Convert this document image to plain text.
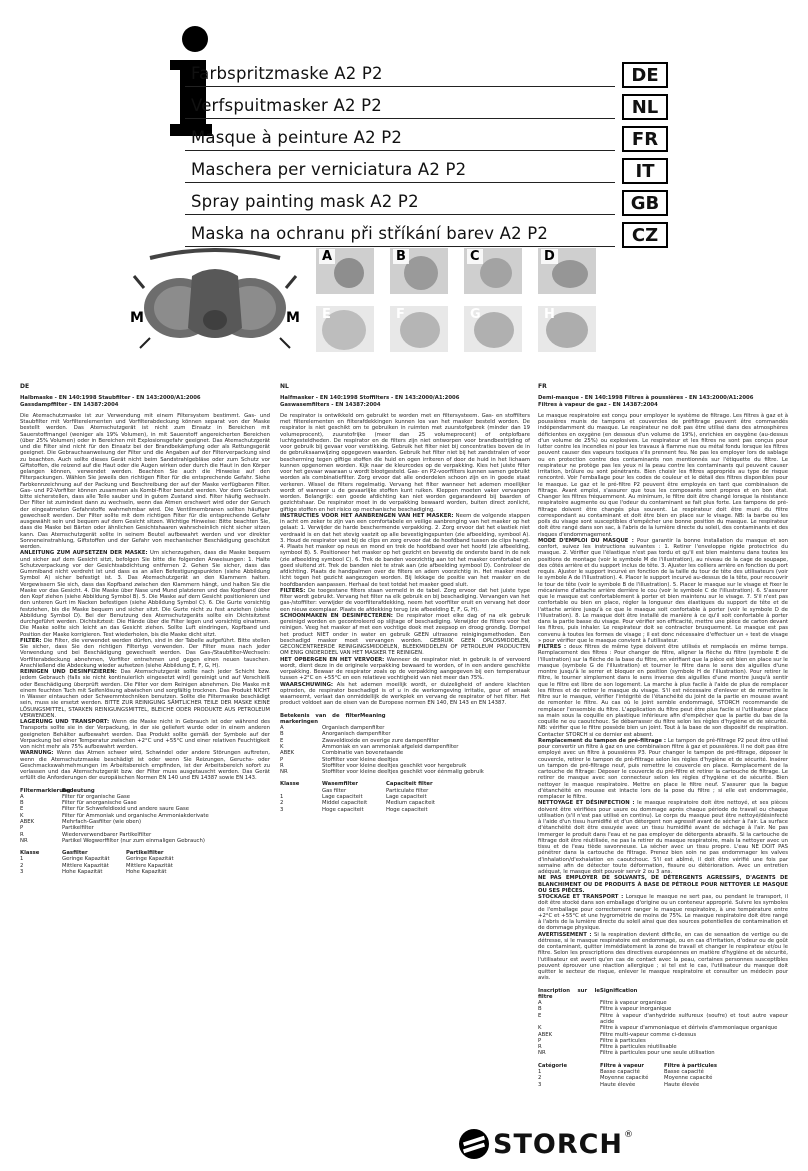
Farbspritzmaske A2 P2
Verfspuitmasker A2 P2
Masque à peinture A2 P2
Maschera per verniciatura A2 P2
Spray painting mask A2 P2
Maska na ochranu při stříkání barev A2 P2
DE
NL
FR
IT
GB
CZ
M	M
A	B	C	D
E	F	G	H
DE
Halbmaske - EN 140:1998 Staubfilter - EN 143:2000/A1:2006
Gassdampffilter - EN 14387:2004

Die Atemschutzmaske ist zur Verwendung mit einem Filtersystem bestimmt. Gas- und Staubfilter mit Vorfilterelementen und Vorfilterabdeckung können separat von der Maske bestellt werden. Das Atemschutzgerät ist nicht zum Einsatz in Bereichen mit Sauerstoffmangel (weniger als 19% Volumen), in mit Sauerstoff angereicherten Bereichen (über 25% Volumen) oder in Bereichen mit Explosionsgefahr geeignet. Das Atemschutzgerät und die Filter sind nicht für den Einsatz bei der Brandbekämpfung oder als Rettungsgerät geeignet. Die Gebrauchsanweisung der Filter und die Angaben auf der Filterverpackung sind zu beachten. Auch sollte dieses Gerät nicht beim Sandstrahlgebläse oder zum Schutz vor Giftstoffen, die reizend auf die Haut oder die Augen wirken oder durch die Haut in den Körper gelangen können, verwendet werden. Beachten Sie auch die Hinweise auf den Filterpackungen. Wählen Sie jeweils den richtigen Filter für die entsprechende Gefahr. Siehe Farbkennzeichnung auf der Packung und Beschreibung der auf der Maske verfügbaren Filter. Gas- und P2-Vorfilter können zusammen als Kombi-Filter benutzt werden. Vor dem Gebrauch bitte sicherstellen, dass alle Teile sauber und in gutem Zustand sind. Filter häufig wechseln. Der Filter ist zumindest dann zu wechseln, wenn das Atmen erschwert wird oder der Geruch der eingeatmeten Gefahrstoffe wahrnehmbar wird. Die Ventilmembranen sollten häufiger gewechselt werden. Der Filter sollte mit dem richtigen Filter für die entsprechende Gefahr ausgewählt sein und bequem auf dem Gesicht sitzen. Wichtige Hinweise: Bitte beachten Sie, dass die Maske bei Bärten oder ähnlichen Gesichtshaaren wahrscheinlich nicht sicher sitzen kann. Das Atemschutzgerät sollte in seinem Beutel aufbewahrt werden und vor direkter Sonneneinstrahlung, Giftstoffen und der Gefahr von mechanischer Beschädigung geschützt werden.

ANLEITUNG ZUM AUFSETZEN DER MASKE: Um sicherzugehen, dass die Maske bequem und sicher auf dem Gesicht sitzt, befolgen Sie bitte die folgenden Anweisungen: 1. Halte Schutzverpackung vor der Gesichtsabdichtung entfernen 2. Gehen Sie sicher, dass das Gummiband nicht verdreht ist und dass es an allen Befestigungspunkten (siehe Abbildung Symbol A) sicher befestigt ist. 3. Das Atemschutzgerät an den Klammern halten. Vergewissern Sie sich, dass das Kopfband zwischen den Klammern hängt, und halten Sie die Maske vor das Gesicht. 4. Die Maske über Nase und Mund platzieren und das Kopfband über den Kopf ziehen (siehe Abbildung Symbol B). 5. Die Maske auf dem Gesicht positionieren und den unteren Gurt im Nacken befestigen (siehe Abbildung Symbol C). 6. Die Gurte vorsichtig festziehen, bis die Maske bequem und sicher sitzt. Die Gurte nicht zu fest anziehen (siehe Abbildung Symbol D). Bei der Benutzung des Atemschutzgeräts sollte ein Dichtsitztest durchgeführt werden. Dichtsitztest: Die Hände über die Filter legen und vorsichtig einatmen. Die Maske sollte sich leicht an das Gesicht ziehen. Sollte Luft eindringen, Kopfband und Position der Maske korrigieren. Test wiederholen, bis die Maske dicht sitzt.

FILTER: Die Filter, die verwendet werden dürfen, sind in der Tabelle aufgeführt. Bitte stellen Sie sicher, dass Sie den richtigen Filtertyp verwenden. Der Filter muss nach jeder Verwendung und bei Beschädigung gewechselt werden. Das Gas-/Staubfilter-Wechseln: Vorfilterabdeckung abnehmen, Vorfilter entnehmen und gegen einen neuen tauschen. Anschließend die Abdeckung wieder aufsetzen (siehe Abbildung E, F, G, H).

REINIGEN UND DESINFIZIEREN: Das Atemschutzgerät sollte nach jeder Schicht bzw. jedem Gebrauch (falls sie nicht kontinuierlich eingesetzt wird) gereinigt und auf Verschleiß oder Beschädigung überprüft werden. Die Filter vor dem Reinigen abnehmen. Die Maske mit einem feuchten Tuch mit Seifenlösung abwischen und sorgfältig trocknen. Das Produkt NICHT in Wasser eintauchen oder Schwemmtechniken benutzen. Sollte die Filtermaske beschädigt sein, muss sie ersetzt werden. BITTE ZUR REINIGUNG SÄMTLICHER TEILE DER MASKE KEINE LÖSUNGSMITTEL, STARKEN REINIGUNGSMITTEL, BLEICHE ODER PRODUKTE AUS PETROLEUM VERWENDEN.

LAGERUNG UND TRANSPORT: Wenn die Maske nicht in Gebrauch ist oder während des Transports sollte sie in der Verpackung, in der sie geliefert wurde oder in einem anderen geeigneten Behälter aufbewahrt werden. Das Produkt sollte gemäß der Symbole auf der Verpackung bei einer Temperatur zwischen +2°C und +55°C und einer relativen Feuchtigkeit von nicht mehr als 75% aufbewahrt werden.

WARNUNG: Wenn das Atmen schwer wird, Schwindel oder andere Störungen auftreten, wenn die Atemschutzmaske beschädigt ist oder wenn Sie Reizungen, Geruchs- oder Geschmackswahrnehmungen im Arbeitsbereich empfinden, ist der Arbeitsbereich sofort zu verlassen und das Atemschutzgerät bzw. der Filter muss ausgetauscht werden. Das Gerät erfüllt die Anforderungen der europäischen Normen EN 140 und EN 14387 sowie EN 143.

Filtermarkierung
Bedeutung
A	Filter für organische Gase
B	Filter für anorganische Gase
E	Filter für Schwefeldioxid und andere saure Gase
K	Filter für Ammoniak und organische Ammoniakderivate
ABEK	Mehrfach-Gasfilter (wie oben)
P	Partikelfilter
R	Wiederverwendbarer Partikelfilter
NR	Partikel Wegwerffilter (nur zum einmaligen Gebrauch)
Klasse	Gasfilter	Partikelfilter
1	Geringe Kapazität	Geringe Kapazität
2	Mittlere Kapazität	Mittlere Kapazität
3	Hohe Kapazität	Hohe Kapazität
NL
Halfmasker - EN 140:1998 Stoffilters - EN 143:2000/A1:2006
Gaswasemfilters - EN 14387:2004

De respirator is ontwikkeld om gebruikt te worden met en filtersysteem. Gas- en stoffilters met filterelementen en filterafdekkingen kunnen los van het masker besteld worden. De respirator is niet geschikt om te gebruiken in ruimten met zuurstofgebrek (minder dan 19 volumeprocent), zuurstofrijke (meer dan 25 volumeprocent) of ontplofbare luchtgesteldheden. De respirator en de filters zijn niet ontworpen voor brandbestrijding of voor gebruik bij gevaar voor verstikking. Gebruik het filter niet bij concentraties boven de in de gebruiksaanwijzing opgegeven waarden. Gebruik het filter niet bij het zandstralen of voor bescherming tegen giftige stoffen die huid en ogen irriteren of door de huid in het lichaam kunnen opgenomen worden. Kijk naar de kleurcodes op de verpakking. Kies het juiste filter voor het gevaar waaraan u wordt blootgesteld. Gas- en P2-voorfilters kunnen samen gebruikt worden als combinatiefilter. Zorg ervoor dat alle onderdelen schoon zijn en in goede staat verkeren. Wissel de filters regelmatig. Vervang het filter wanneer het ademen moeilijker wordt of wanneer u de gevaarlijke stoffen kunt ruiken. Kleppen moeten vaker vervangen worden. Belangrijk: een goede afdichting kan niet worden gegarandeerd bij baarden of gezichtshaar. De respirator moet in de verpakking bewaard worden, buiten direct zonlicht, giftige stoffen en het risico op mechanische beschadiging.

INSTRUCTIES VOOR HET AANBRENGEN VAN HET MASKER: Neem de volgende stappen in acht om zeker te zijn van een comfortabele en veilige aanbrenging van het masker op het gelaat: 1. Verwijder de harde beschermende verpakking. 2. Zorg ervoor dat het elastiek niet verdraaid is en dat het stevig vastzit op alle bevestigingspunten (zie afbeelding, symbool A). 3. Houd de respirator vast bij de clips en zorg ervoor dat de hoofdband tussen de clips hangt. 4. Plaats het masker op neus en mond en trek de hoofdband over het hoofd (zie afbeelding, symbool B). 5. Positioneer het masker op het gezicht en bevestig de onderste band in de nek (zie afbeelding symbool C). 6. Trek de banden voorzichtig aan tot het masker comfortabel en goed sluitend zit. Trek de banden niet te strak aan (zie afbeelding symbool D). Controleer de afdichting. Plaats de handpalmen over de filters en adem voorzichtig in. Het masker moet licht tegen het gezicht aangezogen worden. Bij lekkage de positie van het masker en de hoofdbanden aanpassen. Herhaal de test totdat het masker goed sluit.

FILTERS: De toegestane filters staan vermeld in de tabel. Zorg ervoor dat het juiste type filter wordt gebruikt. Vervang het filter na elk gebruik en bij beschadiging. Vervangen van het gas-/stoffilter: verwijder de voorfilterafdekking, neem het voorfilter eruit en vervang het door een nieuw exemplaar. Plaats de afdekking terug (zie afbeelding E, F, G, H).

SCHOONMAKEN EN DESINFECTEREN: De respirator moet elke dag of na elk gebruik gereinigd worden en gecontroleerd op slijtage of beschadiging. Verwijder de filters voor het reinigen. Veeg het masker af met een vochtige doek met zeepsop en droog grondig. Dompel het product NIET onder in water en gebruik GEEN ultrasone reinigingsmethoden. Een beschadigd masker moet vervangen worden. GEBRUIK GEEN OPLOSMIDDELEN, GECONCENTREERDE REINIGINGSMIDDELEN, BLEEKMIDDELEN OF PETROLEUM PRODUCTEN OM ENIG ONDERDEEL VAN HET MASKER TE REINIGEN.

HET OPBERGEN EN HET VERVOER: Wanneer de respirator niet in gebruik is of vervoerd wordt, dient deze in de originele verpakking bewaard te worden, of in een andere geschikte verpakking. Bewaar de respirator zoals op de verpakking aangegeven bij een temperatuur tussen +2°C en +55°C en een relatieve vochtigheid van niet meer dan 75%.

WAARSCHUWING: Als het ademen moeilijk wordt, er duizeligheid of andere klachten optreden, de respirator beschadigd is of u in de werkomgeving irritatie, geur of smaak waarneemt, verlaat dan onmiddellijk de werkplek en vervang de respirator of het filter. Het product voldoet aan de eisen van de Europese normen EN 140, EN 143 en EN 14387.

Betekenis van de filter markeringen
Meaning
A	Organisch dampenfilter
B	Anorganisch dampenfilter
E	Zwaveldioxide en overige zure dampenfilter
K	Ammoniak en van ammoniak afgeleid dampenfilter
ABEK	Combinatie van bovenstaande
P	Stoffilter voor kleine deeltjes
R	Stoffilter voor kleine deeltjes geschikt voor hergebruik
NR	Stoffilter voor kleine deeltjes geschikt voor éénmalig gebruik
Klasse	Wasemfilter	Capaciteit filter
Gas filter	Particulate filter
1	Lage capaciteit	Lage capaciteit
2	Middel capaciteit	Medium capaciteit
3	Hoge capaciteit	Hoge capaciteit
FR
Demi-masque - EN 140:1998 Filtres à poussières - EN 143:2000/A1:2006
Filtres à vapeur de gaz - EN 14387:2004

Le masque respiratoire est conçu pour employer le système de filtrage. Les filtres à gaz et à poussières munis de tampons et couvercles de préfiltrage peuvent être commandés indépendamment du masque. Le respirateur ne doit pas être utilisé dans des atmosphères déficientes en oxygène (en dessous d'un volume de 19%), enrichies en oxygène (au-dessus d'un volume de 25%) ou explosives. Le respirateur et les filtres ne sont pas conçus pour lutter contre les incendies ni pour les travaux à flamme nue ou métal fondu lorsque les filtres peuvent causer des vapeurs toxiques s'ils prennent feu. Ne pas les employer lors de sablage ou en protection contre des contaminants non mentionnés sur l'étiquette du filtre. Le respirateur ne protège pas les yeux ni la peau contre les contaminants qui peuvent causer irritation, brûlure ou sont pénétrants. Bien choisir les filtres appropriés au type de risque rencontré. Voir l'emballage pour les codes de couleur et le détail des filtres disponibles pour le masque. Le gaz et le pré-filtre P2 peuvent être employés en tant que combinaison de filtrage. Avant emploi, s'assurer que tous les composants sont propres et en bon état. Changer les filtres fréquemment. Au minimum, le filtre doit être changé lorsque la résistance respiratoire augmente ou que l'odeur du contaminant se fait plus forte. Les tampons de pré-filtrage doivent être changés plus souvent. Le respirateur doit être muni du filtre correspondant au contaminant et doit être bien en place sur le visage. NB: la barbe ou les poils du visage sont susceptibles d'empêcher une bonne position du masque. Le respirateur doit être rangé dans son sac, à l'abris de la lumière directe du soleil, des contaminants et des risques d'endommagement.

MODE D'EMPLOI DU MASQUE : Pour garantir la bonne installation du masque et son confort, suivez les instructions suivantes : 1. Retirer l'enveloppe rigide protectrice du masque. 2. Vérifier que l'élastique n'est pas tordu et qu'il est bien maintenu dans toutes les positions de montage (voir le symbole M de l'illustration), au niveau de la cage de soupape, des côtés arrière et du support inclus de tête. 3. Ajuster les colliers arrière en fonction du port requis. Ajuster le support incurvé en fonction de la taille du tour de tête des utilisateurs (voir le symbole A de l'illustration). 4. Placer le support incurvé au-dessus de la tête, pour recouvrir le tour de tête (voir le symbole B de l'illustration). 5. Placer le masque sur le visage et fixer le mécanisme d'attache arrière derrière le cou (voir le symbole C de l'illustration). 6. S'assurer que le masque est confortablement à porter et bien maintenu sur le visage. 7. S'il n'est pas confortable ou bien en place, régler la longueur des élastiques du support de tête et de l'attache arrière jusqu'à ce que le masque soit confortable à porter (voir le symbole D de l'illustration). 8. Le masque doit être installé de manière à ce qu'il soit confortable à porter dans la partie basse du visage. Pour vérifier son efficacité, mettre une pièce de carton devant les filtres, puis inhaler. Le respirateur doit se contracter brusquement. Le masque est pas convenu à toutes les formes de visage ; il est donc nécessaire d'effectuer un « test de visage » pour vérifier que le masque convient à l'utilisateur.

FILTRES : deux filtres de même type doivent être utilisés et remplacés en même temps. Remplacement des filtres : Pour changer de filtre, aligner la flèche du filtre (symbole E de l'illustration) sur la flèche de la base du filtre, en vérifiant que la pièce est bien en place sur le masque (symbole G de l'illustration) et tourner le filtre dans le sens des aiguilles d'une montre jusqu'à le serrer et bloquer en position (symbole H de l'illustration). Pour retirer le filtre, le tourner simplement dans le sens inverse des aiguilles d'une montre jusqu'à sentir que le filtre est libre de son logement. La marche à plus facile à l'aide de plus de remplacer les filtres et de retirer le masque du visage. S'il est nécessaire d'enlever et de remettre le filtre sur le masque, vérifier l'intégrité de l'étanchéité du joint de la partie en mousse avant de remonter le filtre. Au cas où le joint semble endommagé, STORCH recommande de remplacer l'ensemble du filtre. L'application du filtre peut être plus facile si l'utilisateur place sa main sous la coquille en plastique inférieure afin d'empêcher que la partie du bas de la coquille ne ou caoutchouc. Se débarrasser du filtre selon les règles d'hygiène et de sécurité. NB: vérifier que le filtre possède bien un joint. Tout à la base de son dispositif de respiration. Contacter STORCH si ce dernier est absent.

Remplacement du tampon de pré-filtrage : Le tampon de pré-filtrage P2 peut être utilisé pour convertir un filtre à gaz en une combinaison filtre à gaz et poussières. Il ne doit pas être employé avec un filtre à poussières P3. Pour changer le tampon de pré-filtrage, déposer le couvercle, retirer le tampon de pré-filtrage selon les règles d'hygiène et de sécurité. Insérer un tampon de pré-filtrage neuf, puis remettre le couvercle en place. Remplacement de la cartouche de filtrage: Déposer le couvercle du pré-filtre et retirer la cartouche de filtrage. Le retirer de masque avec son connecteur selon les règles d'hygiène et de sécurité. Bien nettoyer le masque respiratoire. Mettre en place le filtre neuf. S'assurer que la bague d'étanchéité en mousse est intacte lors de la pose du filtre ; si elle est endommagée, remplacer le filtre.

NETTOYAGE ET DÉSINFECTION : le masque respiratoire doit être nettoyé, et ses pièces doivent être vérifiées pour usure ou dommage après chaque période de travail ou chaque utilisation (s'il n'est pas utilisé en continu). Le corps du masque peut être nettoyé/désinfecté à l'aide d'un tissu humidifié et d'un détergent non agressif avant de sécher à l'air. La surface d'étanchéité doit être essuyée avec un tissu humidifié avant de séchage à l'air. Ne pas immerger le produit dans l'eau et ne pas employer de détergents abrasifs. Si la cartouche de filtrage doit être réutilisée, ne pas la retirer du masque respiratoire, mais la nettoyer avec un tissu et de l'eau tiède savonneuse. La sécher avec un tissu propre. L'eau NE DOIT PAS pénétrer dans la cartouche de filtrage. Prenez bien soin ne pas endommager les valves d'inhalation/d'exhalation en caoutchouc. S'il est abîmé, il doit être vérifié une fois par semaine afin de détecter toute déformation, fissure ou détérioration. Avec un entretien adéquat, le masque doit pouvoir servir 2 ou 3 ans.

NE PAS EMPLOYER DE SOLVANTS, DE DÉTERGENTS AGRESSIFS, D'AGENTS DE BLANCHIMENT OU DE PRODUITS À BASE DE PÉTROLE POUR NETTOYER LE MASQUE OU SES PIÈCES.

STOCKAGE ET TRANSPORT : Lorsque le masque ne sert pas, ou pendant le transport, il doit être stocké dans son emballage d'origine ou un conteneur approprié. Suivre les symboles de l'emballage pour correctement ranger le masque respiratoire, à une température entre +2°C et +55°C et une hygrométrie de moins de 75%. Le masque respiratoire doit être rangé à l'abris de la lumière directe du soleil ainsi que des sources potentielles de contamination et de dommage physique.

AVERTISSEMENT : Si la respiration devient difficile, en cas de sensation de vertige ou de détresse, si le masque respiratoire est endommagé, ou en cas d'irritation, d'odeur ou de goût de contaminant, quitter immédiatement la zone de travail et changer le respirateur et/ou le filtre. Selon les prescriptions des directives européennes en matière d'hygiène et de sécurité, l'utilisateur est averti qu'en cas de contact avec la peau, certaines personnes susceptibles peuvent éprouver une réaction allergique ; si tel est le cas, l'utilisateur du masque doit quitter le secteur de risque, enlever le masque respiratoire et consulter un médecin pour avis.

Inscription sur le filtre
Signification
A	Filtre à vapeur organique
B	Filtre à vapeur inorganique
E	Filtre à vapeur d'anhydride sulfureux (soufre) et tout autre vapeur acide
K	Filtre à vapeur d'ammoniaque et dérivés d'ammoniaque organique
ABEK	Filtre multi-vapeur comme ci-dessus
P	Filtre à particules
R	Filtre à particules réutilisable
NR	Filtre à particules pour une seule utilisation
Catégorie	Filtre à vapeur	Filtre à particules
1	Basse capacité	Basse capacité
2	Moyenne capacité	Moyenne capacité
3	Haute élevée	Haute élevée
STORCH ®
